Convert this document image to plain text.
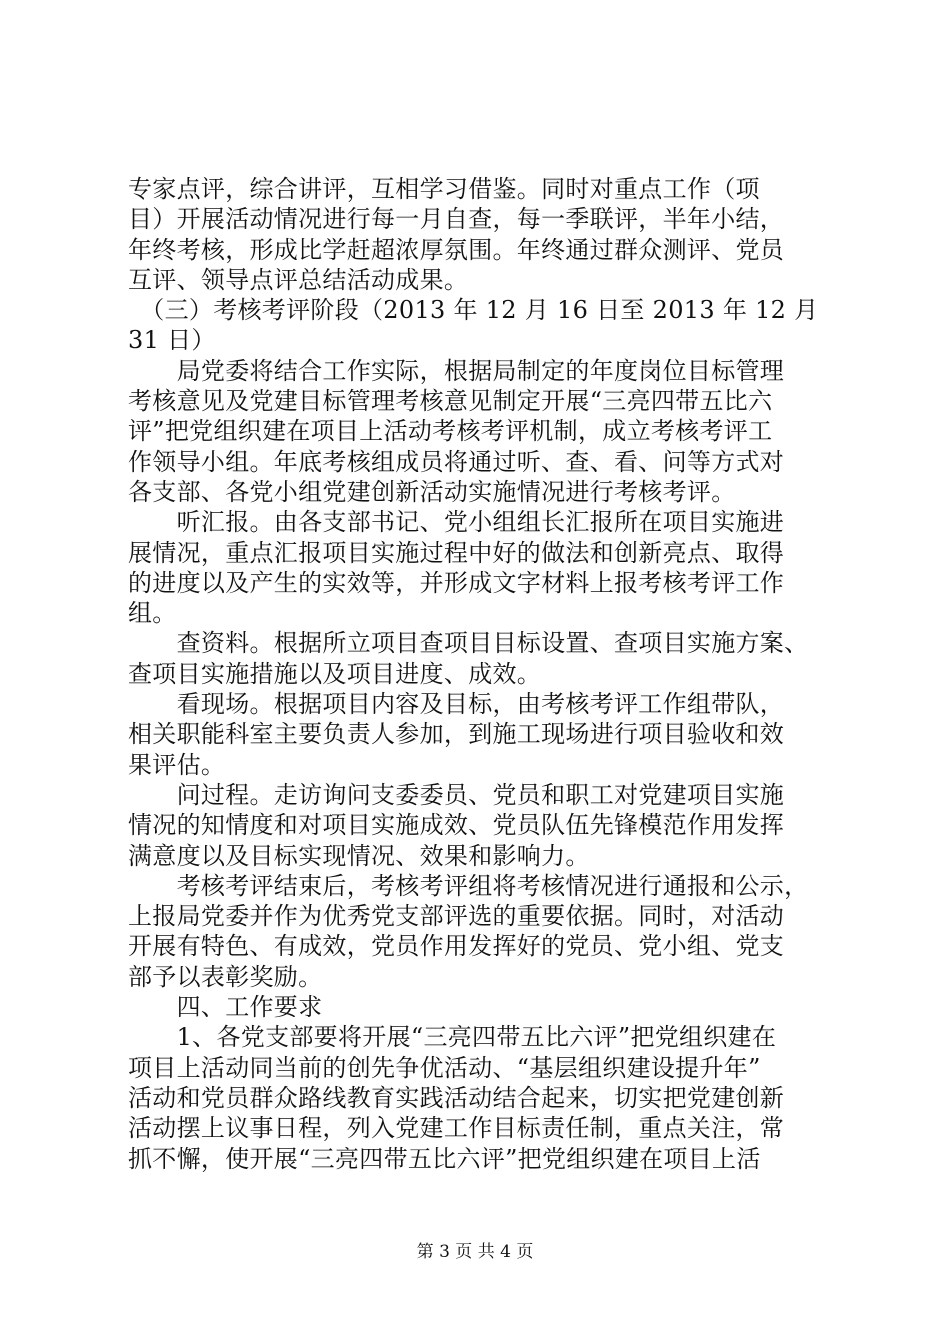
专家点评，综合讲评，互相学习借鉴。同时对重点工作（项
目）开展活动情况进行每一月自查，每一季联评，半年小结，
年终考核，形成比学赶超浓厚氛围。年终通过群众测评、党员
互评、领导点评总结活动成果。
　（三）考核考评阶段（2013 年 12 月 16 日至 2013 年 12 月
31 日）
　　局党委将结合工作实际，根据局制定的年度岗位目标管理
考核意见及党建目标管理考核意见制定开展“三亮四带五比六
评”把党组织建在项目上活动考核考评机制，成立考核考评工
作领导小组。年底考核组成员将通过听、查、看、问等方式对
各支部、各党小组党建创新活动实施情况进行考核考评。
　　听汇报。由各支部书记、党小组组长汇报所在项目实施进
展情况，重点汇报项目实施过程中好的做法和创新亮点、取得
的进度以及产生的实效等，并形成文字材料上报考核考评工作
组。
　　查资料。根据所立项目查项目目标设置、查项目实施方案、
查项目实施措施以及项目进度、成效。
　　看现场。根据项目内容及目标，由考核考评工作组带队，
相关职能科室主要负责人参加，到施工现场进行项目验收和效
果评估。
　　问过程。走访询问支委委员、党员和职工对党建项目实施
情况的知情度和对项目实施成效、党员队伍先锋模范作用发挥
满意度以及目标实现情况、效果和影响力。
　　考核考评结束后，考核考评组将考核情况进行通报和公示，
上报局党委并作为优秀党支部评选的重要依据。同时，对活动
开展有特色、有成效，党员作用发挥好的党员、党小组、党支
部予以表彰奖励。
　　四、工作要求
　　1、各党支部要将开展“三亮四带五比六评”把党组织建在
项目上活动同当前的创先争优活动、“基层组织建设提升年”
活动和党员群众路线教育实践活动结合起来，切实把党建创新
活动摆上议事日程，列入党建工作目标责任制，重点关注，常
抓不懈，使开展“三亮四带五比六评”把党组织建在项目上活
第 3 页 共 4 页
